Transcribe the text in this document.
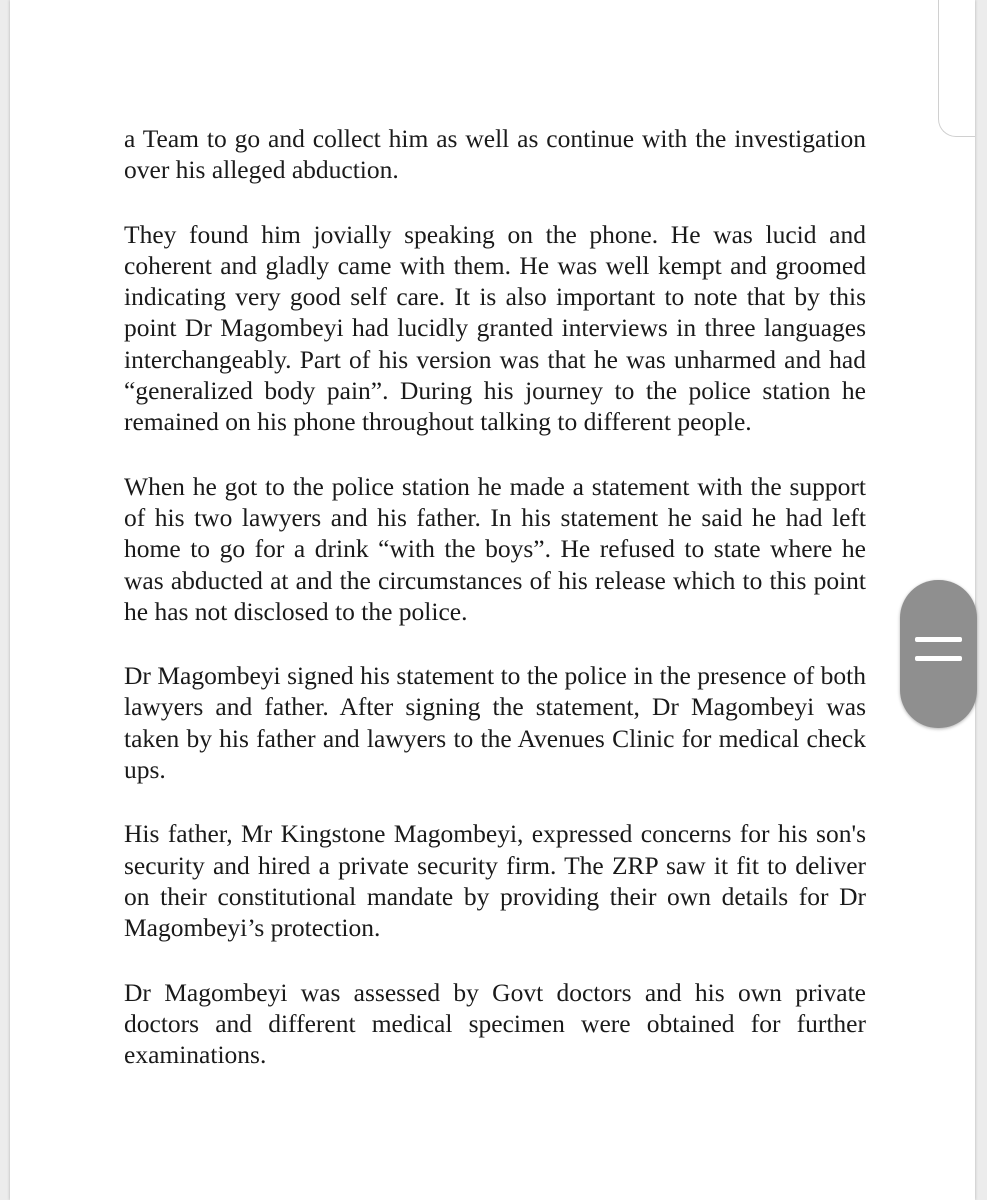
a Team to go and collect him as well as continue with the investigation over his alleged abduction.

They found him jovially speaking on the phone. He was lucid and coherent and gladly came with them. He was well kempt and groomed indicating very good self care. It is also important to note that by this point Dr Magombeyi had lucidly granted interviews in three languages interchangeably. Part of his version was that he was unharmed and had “generalized body pain”. During his journey to the police station he remained on his phone throughout talking to different people.

When he got to the police station he made a statement with the support of his two lawyers and his father. In his statement he said he had left home to go for a drink “with the boys”. He refused to state where he was abducted at and the circumstances of his release which to this point he has not disclosed to the police.

Dr Magombeyi signed his statement to the police in the presence of both lawyers and father. After signing the statement, Dr Magombeyi was taken by his father and lawyers to the Avenues Clinic for medical check ups.

His father, Mr Kingstone Magombeyi, expressed concerns for his son's security and hired a private security firm. The ZRP saw it fit to deliver on their constitutional mandate by providing their own details for Dr Magombeyi’s protection.

Dr Magombeyi was assessed by Govt doctors and his own private doctors and different medical specimen were obtained for further examinations.
